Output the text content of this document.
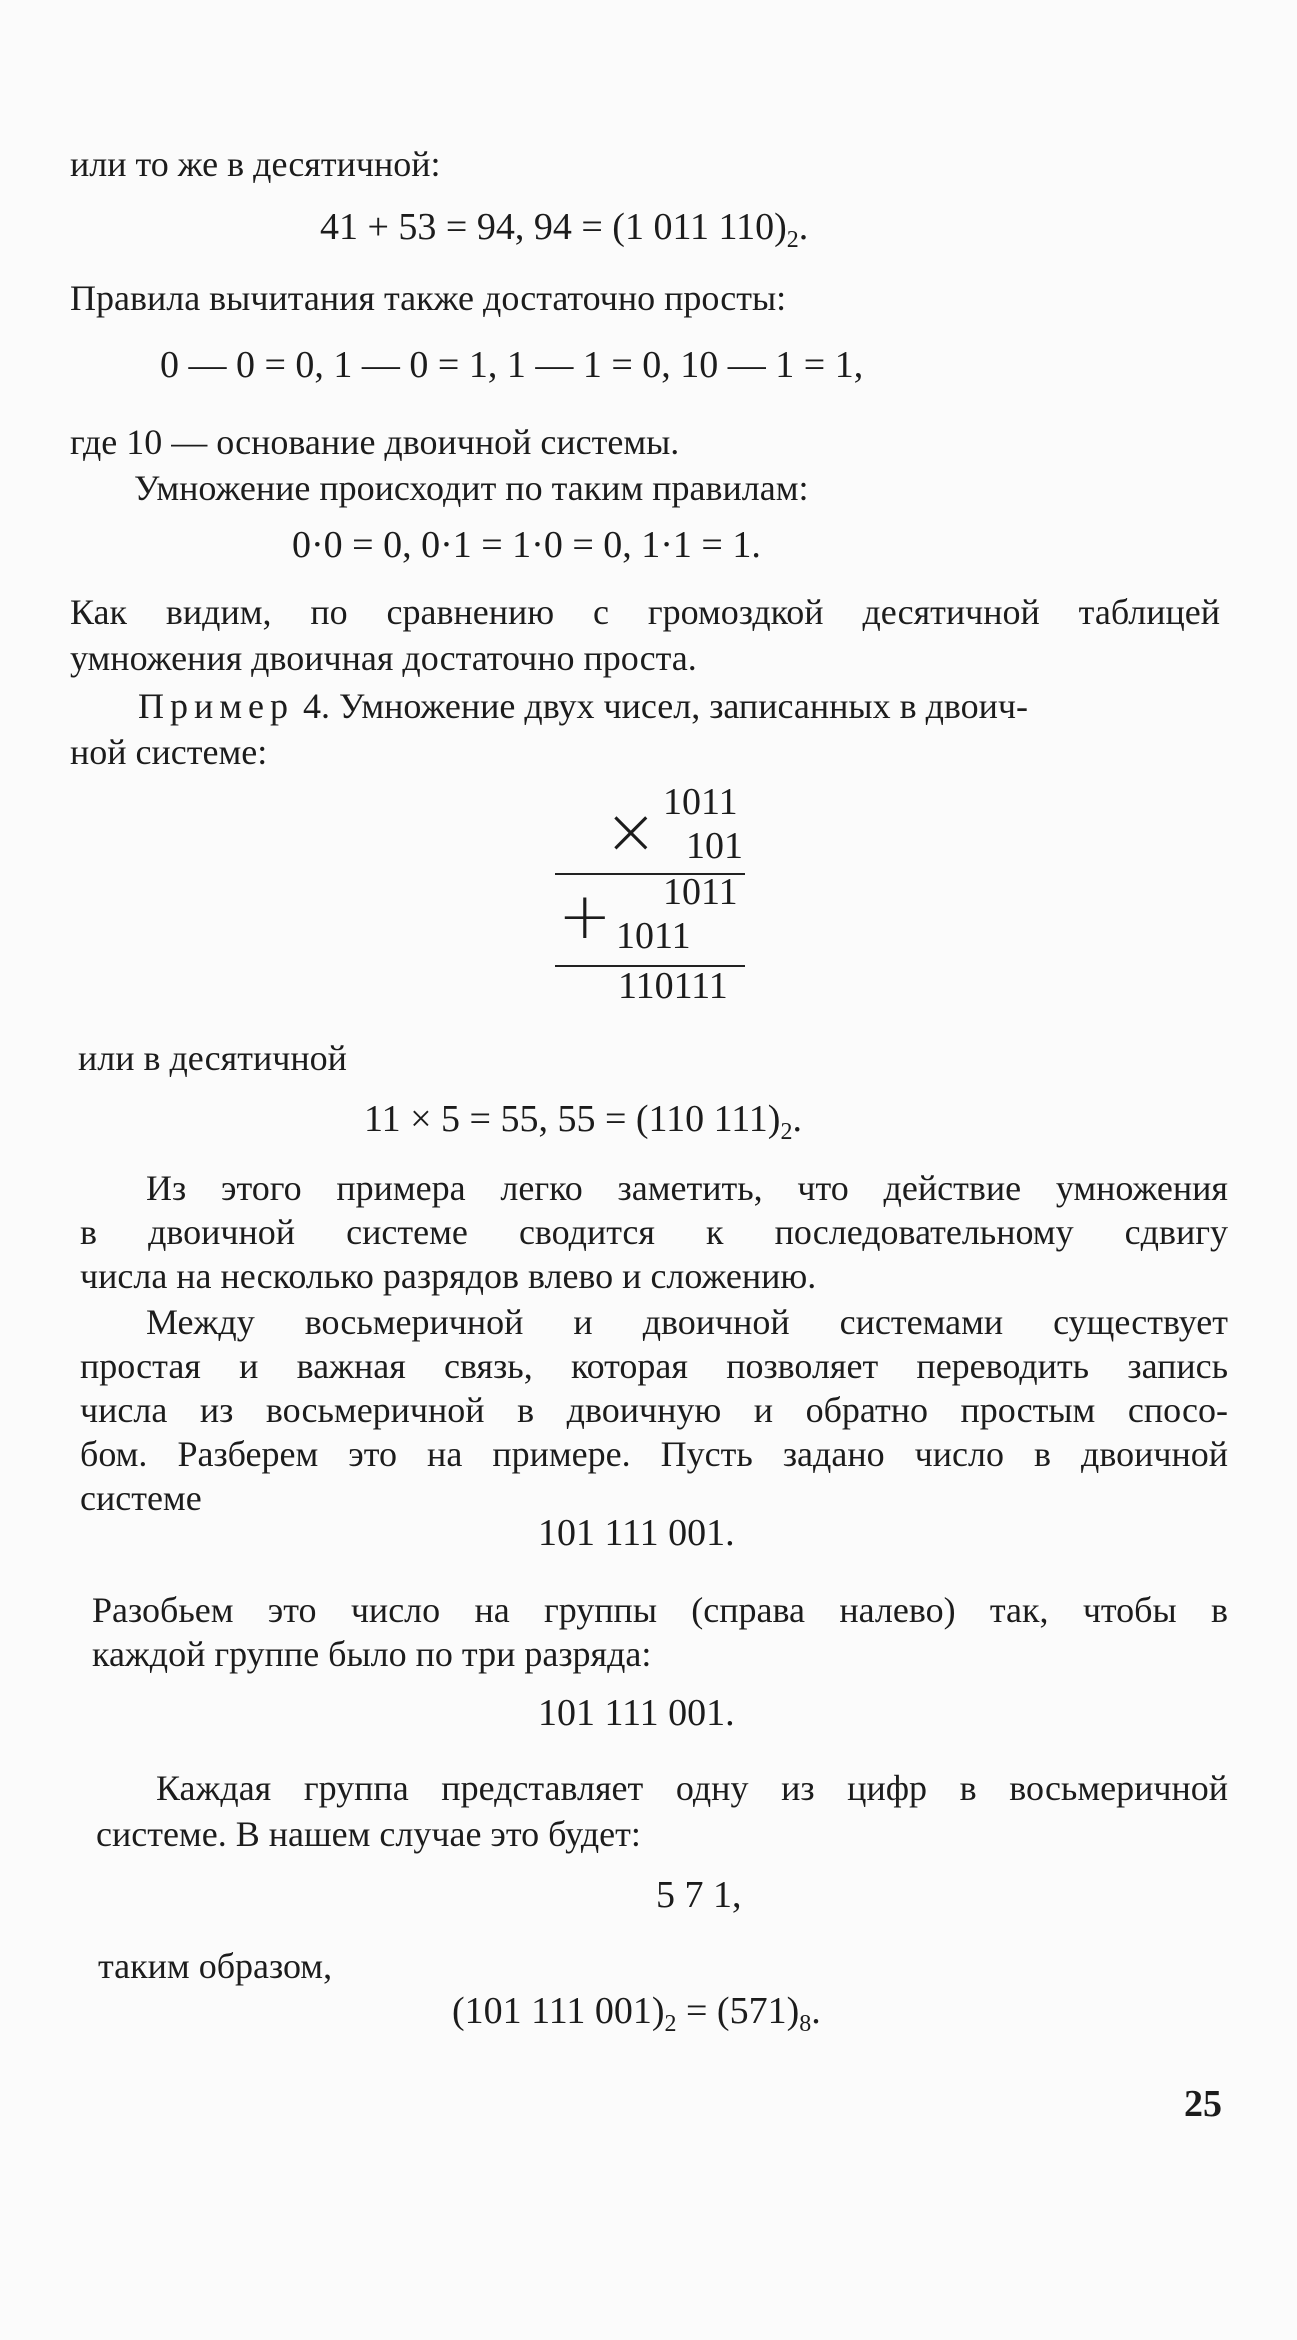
или то же в десятичной:
41 + 53 = 94, 94 = (1 011 $110)_2$.
Правила вычитания также достаточно просты:
0 — 0 = 0, 1 — 0 = 1, 1 — 1 = 0, 10 — 1 = 1,
где 10 — основание двоичной системы.
Умножение происходит по таким правилам:
0·0 = 0, 0·1 = 1·0 = 0, 1·1 = 1.
Как видим, по сравнению с громоздкой десятичной таблицей
умножения двоичная достаточно проста.
Пример 4. Умножение двух чисел, записанных в двоич-
ной системе:
1011
× 101
1011
+ 1011
110111
или в десятичной
11 × 5 = 55, 55 = (110 $111)_2$.
Из этого примера легко заметить, что действие умножения
в двоичной системе сводится к последовательному сдвигу
числа на несколько разрядов влево и сложению.
Между восьмеричной и двоичной системами существует
простая и важная связь, которая позволяет переводить запись
числа из восьмеричной в двоичную и обратно простым спосо-
бом. Разберем это на примере. Пусть задано число в двоичной
системе
101 111 001.
Разобьем это число на группы (справа налево) так, чтобы в
каждой группе было по три разряда:
101 111 001.
Каждая группа представляет одну из цифр в восьмеричной
системе. В нашем случае это будет:
5 7 1,
таким образом,
(101 111 $001)_2 = (571)_8$.
25
